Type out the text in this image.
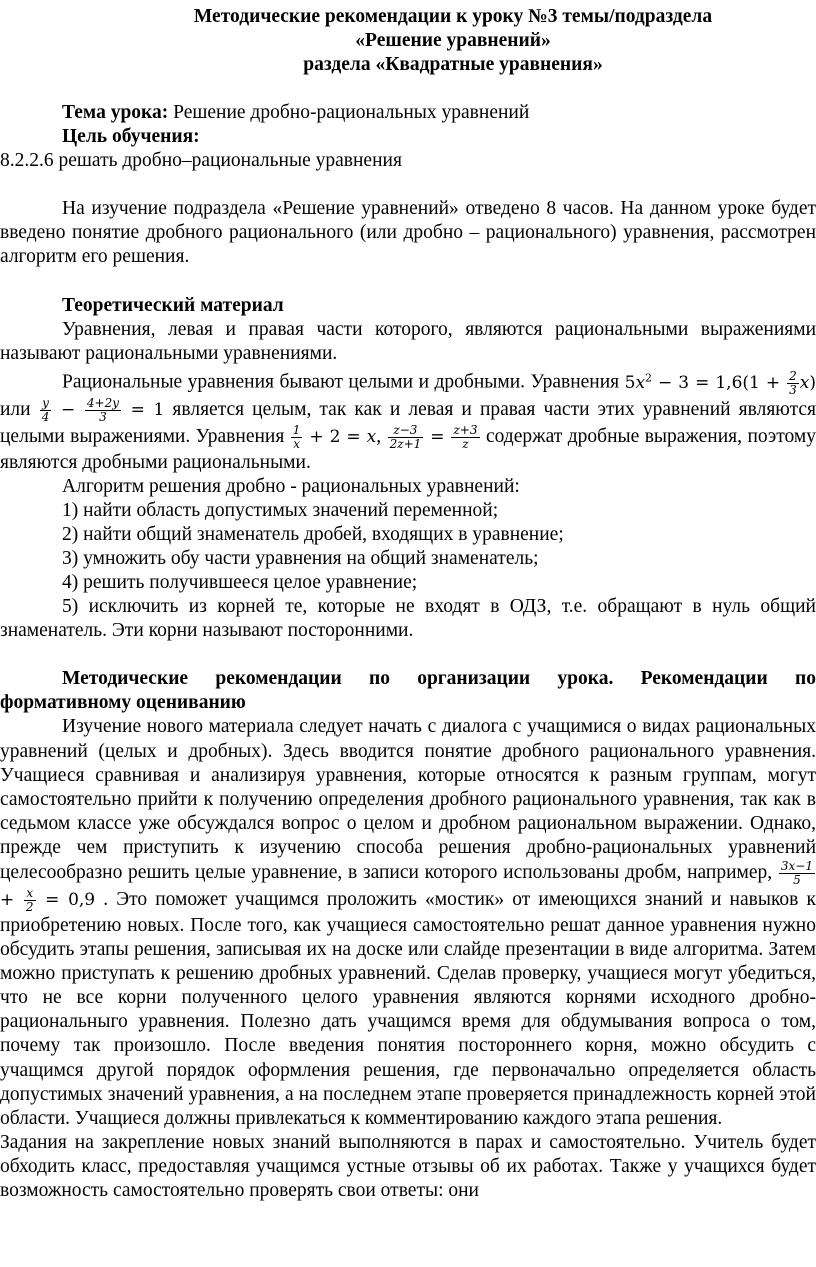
Методические рекомендации к уроку №3 темы/подраздела
«Решение уравнений»
раздела «Квадратные уравнения»

Тема урока: Решение дробно-рациональных уравнений

Цель обучения:

8.2.2.6 решать дробно–рациональные уравнения

На изучение подраздела «Решение уравнений» отведено 8 часов. На данном уроке будет введено понятие дробного рационального (или дробно – рационального) уравнения, рассмотрен алгоритм его решения.

Теоретический материал

Уравнения, левая и правая части которого, являются рациональными выражениями называют рациональными уравнениями.

Рациональные уравнения бывают целыми и дробными. Уравнения $5x^2 - 3 = 1,6(1 + \frac{2}{3} x)$ или $\frac{y}{4} - \frac{4+2y}{3} = 1$ является целым, так как и левая и правая части этих уравнений являются целыми выражениями. Уравнения $\frac{1}{x} + 2 = x$, $\frac{z-3}{2z+1} = \frac{z+3}{z}$ содержат дробные выражения, поэтому являются дробными рациональными.

Алгоритм решения дробно - рациональных уравнений:

1) найти область допустимых значений переменной;

2) найти общий знаменатель дробей, входящих в уравнение;

3) умножить обу части уравнения на общий знаменатель;

4) решить получившееся целое уравнение;

5) исключить из корней те, которые не входят в ОДЗ, т.е. обращают в нуль общий знаменатель. Эти корни называют посторонними.

Методические рекомендации по организации урока. Рекомендации по формативному оцениванию

Изучение нового материала следует начать с диалога с учащимися о видах рациональных уравнений (целых и дробных). Здесь вводится понятие дробного рационального уравнения. Учащиеся сравнивая и анализируя уравнения, которые относятся к разным группам, могут самостоятельно прийти к получению определения дробного рационального уравнения, так как в седьмом классе уже обсуждался вопрос о целом и дробном рациональном выражении. Однако, прежде чем приступить к изучению способа решения дробно-рациональных уравнений целесообразно решить целые уравнение, в записи которого использованы дробм, например, $\frac{3x-1}{5}$
+ $\frac{x}{2} = 0,9$ . Это поможет учащимся проложить «мостик» от имеющихся знаний и навыков к приобретению новых. После того, как учащиеся самостоятельно решат данное уравнения нужно обсудить этапы решения, записывая их на доске или слайде презентации в виде алгоритма. Затем можно приступать к решению дробных уравнений. Сделав проверку, учащиеся могут убедиться, что не все корни полученного целого уравнения являются корнями исходного дробно-рациональныго уравнения. Полезно дать учащимся время для обдумывания вопроса о том, почему так произошло. После введения понятия постороннего корня, можно обсудить с учащимся другой порядок оформления решения, где первоначально определяется область допустимых значений уравнения, а на последнем этапе проверяется принадлежность корней этой области. Учащиеся должны привлекаться к комментированию каждого этапа решения.

Задания на закрепление новых знаний выполняются в парах и самостоятельно. Учитель будет обходить класс, предоставляя учащимся устные отзывы об их работах. Также у учащихся будет возможность самостоятельно проверять свои ответы: они
